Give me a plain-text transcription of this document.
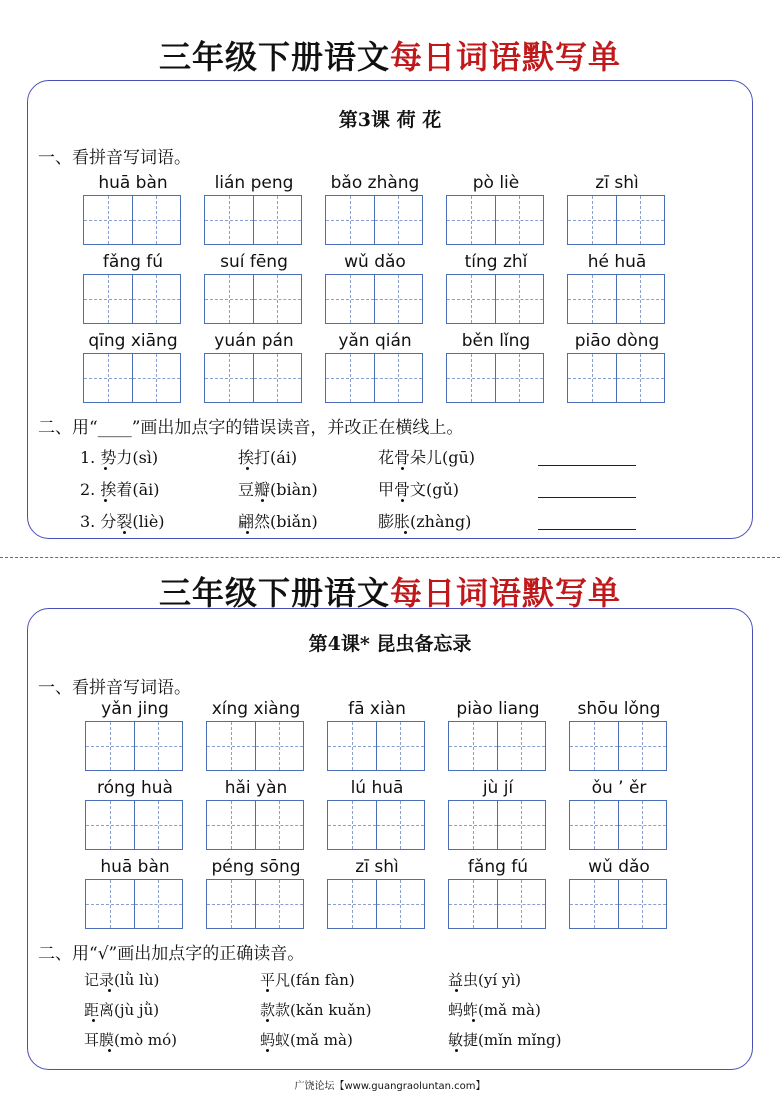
三年级下册语文每日词语默写单
第3课 荷 花
一、看拼音写词语。
huā bàn	lián peng	bǎo zhàng	pò liè	zī shì
fǎng fú	suí fēng	wǔ dǎo	tíng zhǐ	hé huā
qīng xiāng	yuán pán	yǎn qián	běn lǐng	piāo dòng
二、用“____”画出加点字的错误读音，并改正在横线上。
1. 势力(sì)	挨打(ái)	花骨朵儿(gū)
2. 挨着(āi)	豆瓣(biàn)	甲骨文(gǔ)
3. 分裂(liè)	翩然(biǎn)	膨胀(zhàng)
三年级下册语文每日词语默写单
第4课* 昆虫备忘录
一、看拼音写词语。
yǎn jing	xíng xiàng	fā xiàn	piào liang	shōu lǒng
róng huà	hǎi yàn	lú huā	jù jí	ǒu ’ ěr
huā bàn	péng sōng	zī shì	fǎng fú	wǔ dǎo
二、用“√”画出加点字的正确读音。
记录(lǜ lù)	平凡(fán fàn)	益虫(yí yì)
距离(jù jǜ)	款款(kǎn kuǎn)	蚂蚱(mǎ mà)
耳膜(mò mó)	蚂蚁(mǎ mà)	敏捷(mǐn mǐng)
广饶论坛【www.guangraoluntan.com】
